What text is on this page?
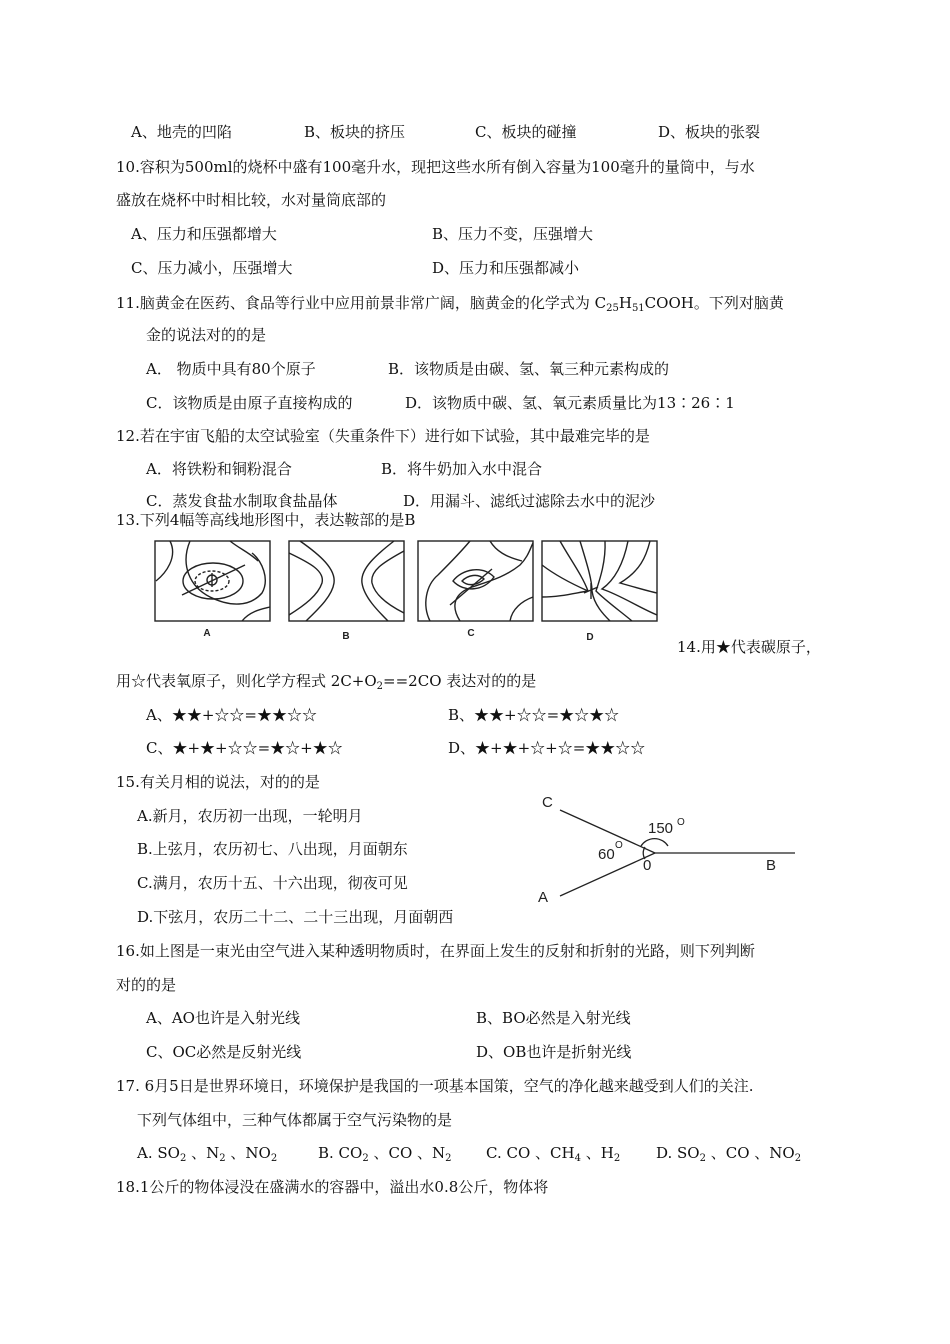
A、地壳的凹陷	B、板块的挤压	C、板块的碰撞	D、板块的张裂
10.容积为500ml的烧杯中盛有100毫升水，现把这些水所有倒入容量为100毫升的量筒中，与水
盛放在烧杯中时相比较，水对量筒底部的
A、压力和压强都增大	B、压力不变，压强增大
C、压力减小，压强增大	D、压力和压强都减小
11.脑黄金在医药、食品等行业中应用前景非常广阔，脑黄金的化学式为 $C_{25}H_{51}COOH$。下列对脑黄
金的说法对的的是
A． 物质中具有80个原子	B．该物质是由碳、氢、氧三种元素构成的
C．该物质是由原子直接构成的	D．该物质中碳、氢、氧元素质量比为13∶26∶1
12.若在宇宙飞船的太空试验室（失重条件下）进行如下试验，其中最难完毕的是
A．将铁粉和铜粉混合	B．将牛奶加入水中混合
C．蒸发食盐水制取食盐晶体	D．用漏斗、滤纸过滤除去水中的泥沙
13.下列4幅等高线地形图中，表达鞍部的是B
A	B	C	D
14.用★代表碳原子，
用☆代表氧原子，则化学方程式 $2C+O_2==2CO$ 表达对的的是
A、★★+☆☆=★★☆☆	B、★★+☆☆=★☆★☆
C、★+★+☆☆=★☆+★☆	D、★+★+☆+☆=★★☆☆
15.有关月相的说法，对的的是
A.新月，农历初一出现，一轮明月
B.上弦月，农历初七、八出现，月面朝东
C.满月，农历十五、十六出现，彻夜可见
D.下弦月，农历二十二、二十三出现，月面朝西
C
A
0	B
150 O
60
O
16.如上图是一束光由空气进入某种透明物质时，在界面上发生的反射和折射的光路，则下列判断
对的的是
A、AO也许是入射光线	B、BO必然是入射光线
C、OC必然是反射光线	D、OB也许是折射光线
17. 6月5日是世界环境日，环境保护是我国的一项基本国策，空气的净化越来越受到人们的关注.
下列气体组中，三种气体都属于空气污染物的是
A. $SO_2$ 、$N_2$ 、$NO_2$	B. $CO_2$ 、CO 、$N_2$ C. CO 、$CH_4$ 、$H_2$ D. $SO_2$ 、CO 、$NO_2$
18.1公斤的物体浸没在盛满水的容器中，溢出水0.8公斤，物体将
